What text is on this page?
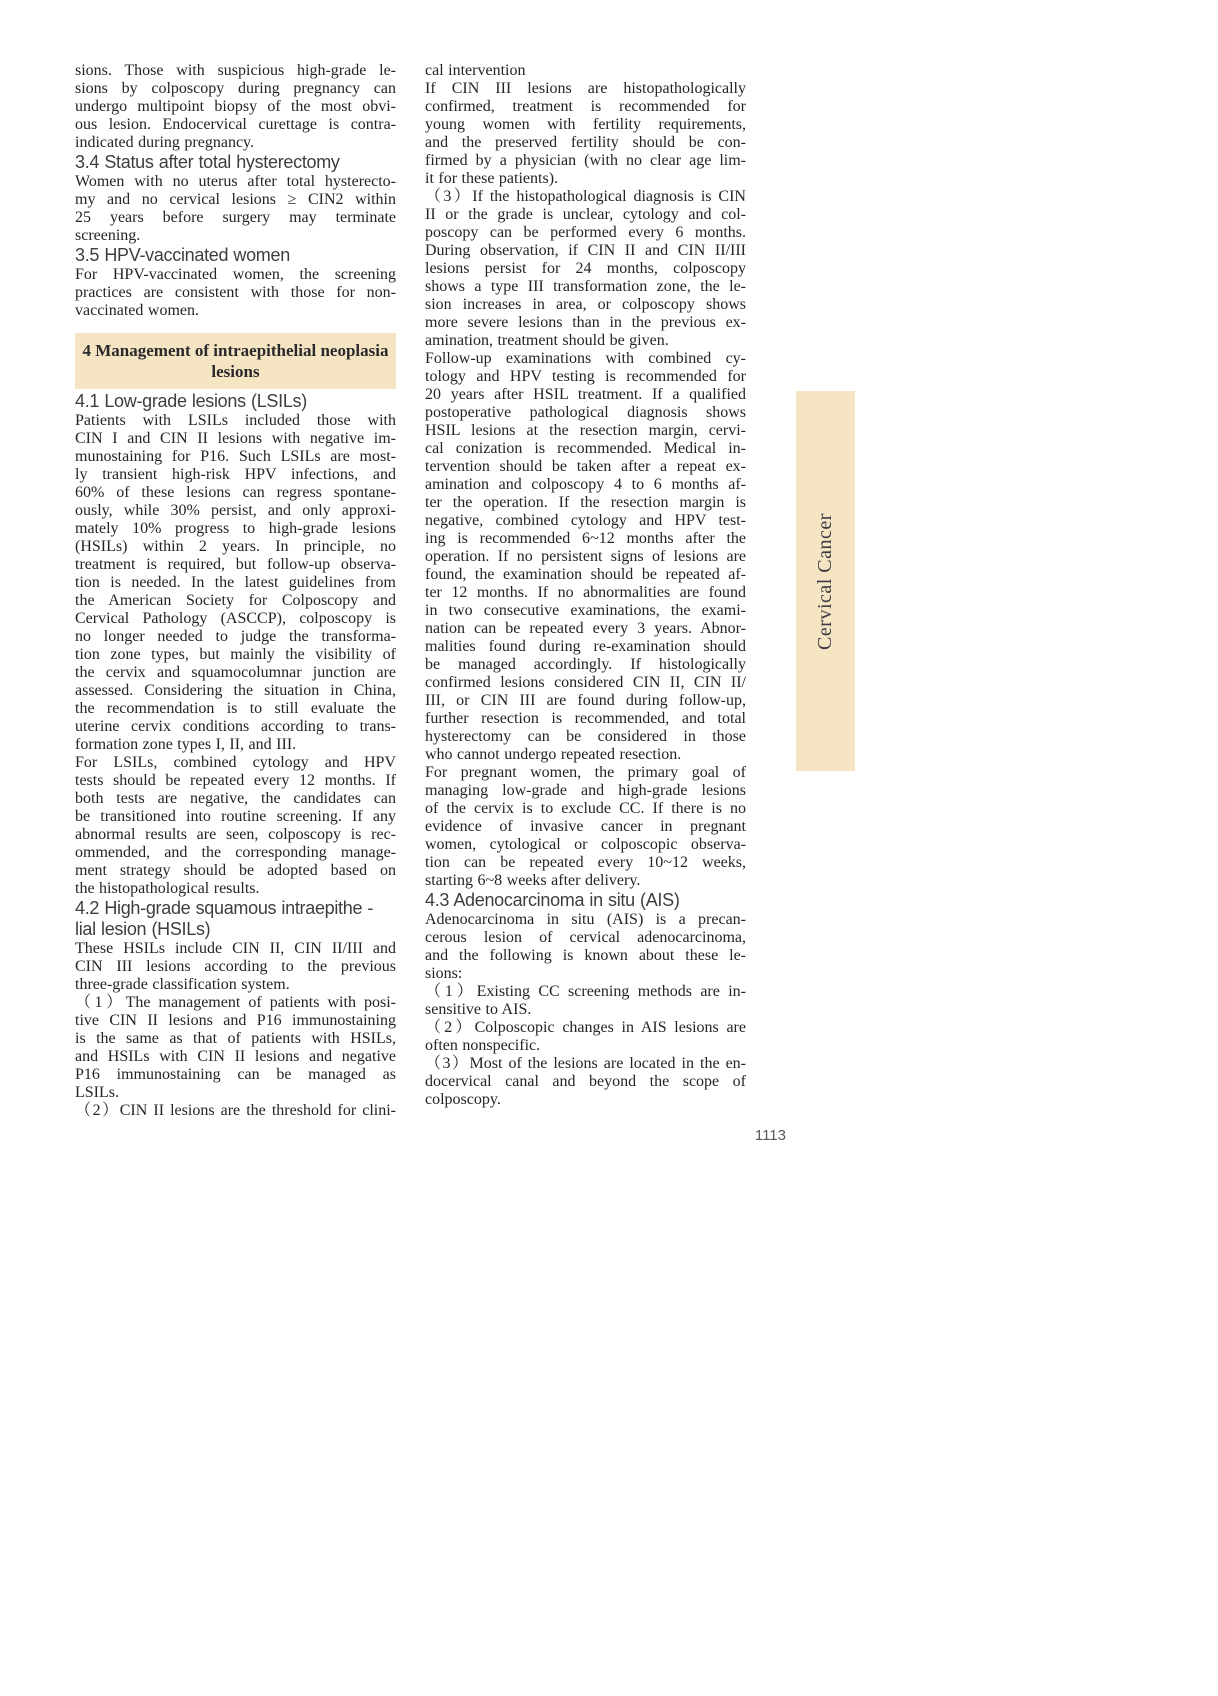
sions. Those with suspicious high-grade le-
sions by colposcopy during pregnancy can
undergo multipoint biopsy of the most obvi-
ous lesion. Endocervical curettage is contra-
indicated during pregnancy.
3.4 Status after total hysterectomy
Women with no uterus after total hysterecto-
my and no cervical lesions ≥ CIN2 within
25 years before surgery may terminate
screening.
3.5 HPV-vaccinated women
For HPV-vaccinated women, the screening
practices are consistent with those for non-
vaccinated women.
4 Management of intraepithelial neoplasia
lesions
4.1 Low-grade lesions (LSILs)
Patients with LSILs included those with
CIN I and CIN II lesions with negative im-
munostaining for P16. Such LSILs are most-
ly transient high-risk HPV infections, and
60% of these lesions can regress spontane-
ously, while 30% persist, and only approxi-
mately 10% progress to high-grade lesions
(HSILs) within 2 years. In principle, no
treatment is required, but follow-up observa-
tion is needed. In the latest guidelines from
the American Society for Colposcopy and
Cervical Pathology (ASCCP), colposcopy is
no longer needed to judge the transforma-
tion zone types, but mainly the visibility of
the cervix and squamocolumnar junction are
assessed. Considering the situation in China,
the recommendation is to still evaluate the
uterine cervix conditions according to trans-
formation zone types I, II, and III.
For LSILs, combined cytology and HPV
tests should be repeated every 12 months. If
both tests are negative, the candidates can
be transitioned into routine screening. If any
abnormal results are seen, colposcopy is rec-
ommended, and the corresponding manage-
ment strategy should be adopted based on
the histopathological results.
4.2 High-grade squamous intraepithe -
lial lesion (HSILs)
These HSILs include CIN II, CIN II/III and
CIN III lesions according to the previous
three-grade classification system.
（1）The management of patients with posi-
tive CIN II lesions and P16 immunostaining
is the same as that of patients with HSILs,
and HSILs with CIN II lesions and negative
P16 immunostaining can be managed as
LSILs.
（2）CIN II lesions are the threshold for clini-
cal intervention
If CIN III lesions are histopathologically
confirmed, treatment is recommended for
young women with fertility requirements,
and the preserved fertility should be con-
firmed by a physician (with no clear age lim-
it for these patients).
（3）If the histopathological diagnosis is CIN
II or the grade is unclear, cytology and col-
poscopy can be performed every 6 months.
During observation, if CIN II and CIN II/III
lesions persist for 24 months, colposcopy
shows a type III transformation zone, the le-
sion increases in area, or colposcopy shows
more severe lesions than in the previous ex-
amination, treatment should be given.
Follow-up examinations with combined cy-
tology and HPV testing is recommended for
20 years after HSIL treatment. If a qualified
postoperative pathological diagnosis shows
HSIL lesions at the resection margin, cervi-
cal conization is recommended. Medical in-
tervention should be taken after a repeat ex-
amination and colposcopy 4 to 6 months af-
ter the operation. If the resection margin is
negative, combined cytology and HPV test-
ing is recommended 6~12 months after the
operation. If no persistent signs of lesions are
found, the examination should be repeated af-
ter 12 months. If no abnormalities are found
in two consecutive examinations, the exami-
nation can be repeated every 3 years. Abnor-
malities found during re-examination should
be managed accordingly. If histologically
confirmed lesions considered CIN II, CIN II/
III, or CIN III are found during follow-up,
further resection is recommended, and total
hysterectomy can be considered in those
who cannot undergo repeated resection.
For pregnant women, the primary goal of
managing low-grade and high-grade lesions
of the cervix is to exclude CC. If there is no
evidence of invasive cancer in pregnant
women, cytological or colposcopic observa-
tion can be repeated every 10~12 weeks,
starting 6~8 weeks after delivery.
4.3 Adenocarcinoma in situ (AIS)
Adenocarcinoma in situ (AIS) is a precan-
cerous lesion of cervical adenocarcinoma,
and the following is known about these le-
sions:
（1）Existing CC screening methods are in-
sensitive to AIS.
（2）Colposcopic changes in AIS lesions are
often nonspecific.
（3）Most of the lesions are located in the en-
docervical canal and beyond the scope of
colposcopy.
Cervical Cancer
1113
